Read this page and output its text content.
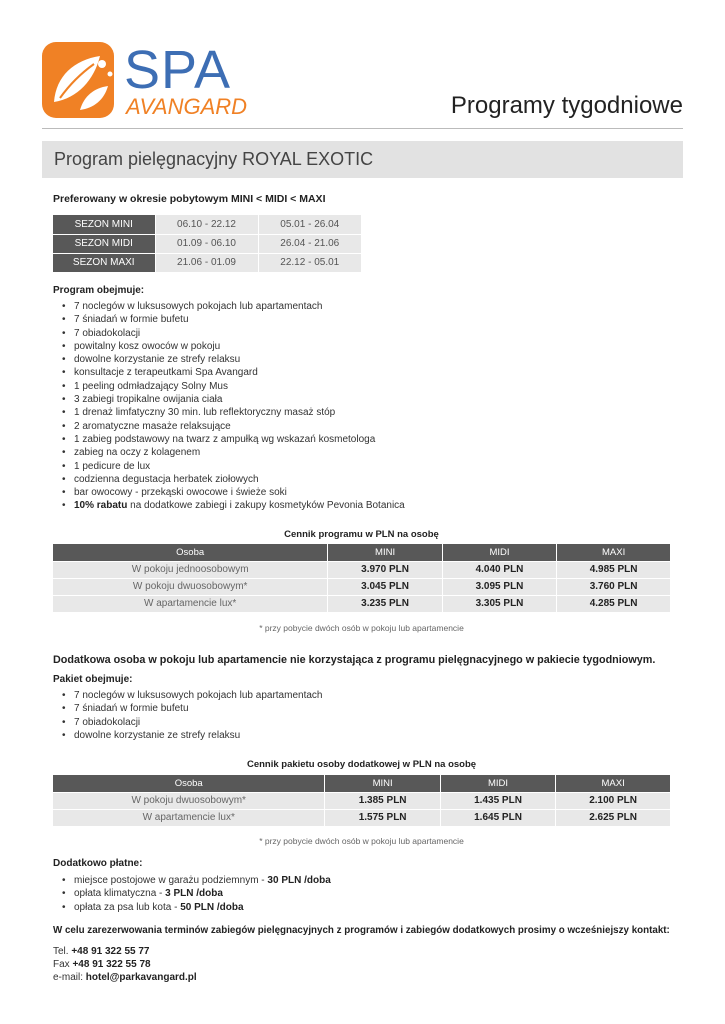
SPA
AVANGARD	Programy tygodniowe
Program pielęgnacyjny ROYAL EXOTIC
Preferowany w okresie pobytowym MINI < MIDI < MAXI
SEZON MINI	06.10 - 22.12	05.01 - 26.04
SEZON MIDI	01.09 - 06.10	26.04 - 21.06
SEZON MAXI	21.06 - 01.09	22.12 - 05.01
Program obejmuje:
• 7 noclegów w luksusowych pokojach lub apartamentach
• 7 śniadań w formie bufetu
• 7 obiadokolacji
• powitalny kosz owoców w pokoju
• dowolne korzystanie ze strefy relaksu
• konsultacje z terapeutkami Spa Avangard
• 1 peeling odmładzający Solny Mus
• 3 zabiegi tropikalne owijania ciała
• 1 drenaż limfatyczny 30 min. lub reflektoryczny masaż stóp
• 2 aromatyczne masaże relaksujące
• 1 zabieg podstawowy na twarz z ampułką wg wskazań kosmetologa
• zabieg na oczy z kolagenem
• 1 pedicure de lux
• codzienna degustacja herbatek ziołowych
• bar owocowy - przekąski owocowe i świeże soki
• 10% rabatu na dodatkowe zabiegi i zakupy kosmetyków Pevonia Botanica
Cennik programu w PLN na osobę
Osoba	MINI	MIDI	MAXI
W pokoju jednoosobowym	3.970 PLN	4.040 PLN	4.985 PLN
W pokoju dwuosobowym*	3.045 PLN	3.095 PLN	3.760 PLN
W apartamencie lux*	3.235 PLN	3.305 PLN	4.285 PLN
* przy pobycie dwóch osób w pokoju lub apartamencie
Dodatkowa osoba w pokoju lub apartamencie nie korzystająca z programu pielęgnacyjnego w pakiecie tygodniowym.
Pakiet obejmuje:
• 7 noclegów w luksusowych pokojach lub apartamentach
• 7 śniadań w formie bufetu
• 7 obiadokolacji
• dowolne korzystanie ze strefy relaksu
Cennik pakietu osoby dodatkowej w PLN na osobę
Osoba	MINI	MIDI	MAXI
W pokoju dwuosobowym*	1.385 PLN	1.435 PLN	2.100 PLN
W apartamencie lux*	1.575 PLN	1.645 PLN	2.625 PLN
* przy pobycie dwóch osób w pokoju lub apartamencie
Dodatkowo płatne:
• miejsce postojowe w garażu podziemnym - 30 PLN /doba
• opłata klimatyczna - 3 PLN /doba
• opłata za psa lub kota - 50 PLN /doba
W celu zarezerwowania terminów zabiegów pielęgnacyjnych z programów i zabiegów dodatkowych prosimy o wcześniejszy kontakt:
Tel. +48 91 322 55 77
Fax +48 91 322 55 78
e-mail: hotel@parkavangard.pl
